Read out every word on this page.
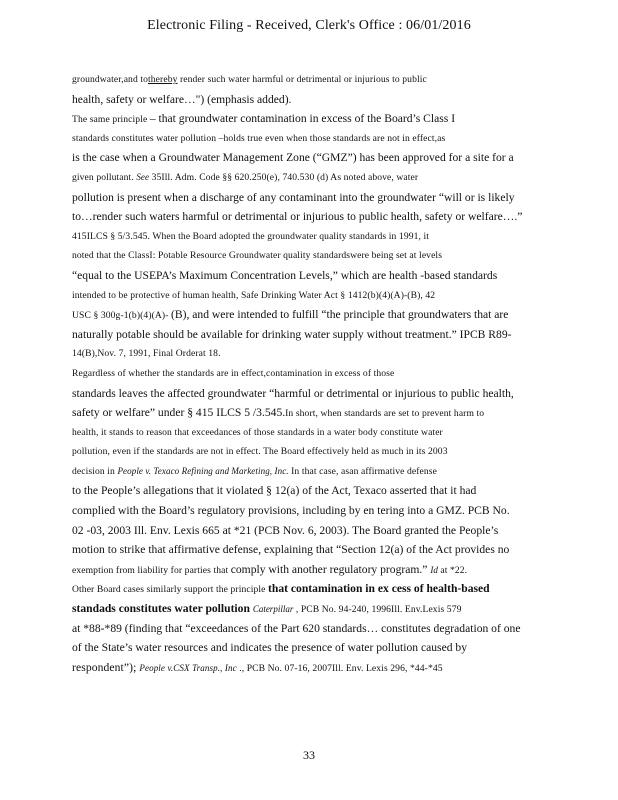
Electronic Filing - Received, Clerk's Office : 06/01/2016
groundwater,and tothereby render such water harmful or detrimental or injurious to public
health, safety or welfare…") (emphasis added).
The same principle – that groundwater contamination in excess of the Board’s Class I
standards constitutes water pollution –holds true even when those standards are not in effect,as
is the case when a Groundwater Management Zone (“GMZ”) has been approved for a site for a
given pollutant. See 35Ill. Adm. Code §§ 620.250(e), 740.530 (d) As noted above, water
pollution is present when a discharge of any contaminant into the groundwater “will or is likely
to…render such waters harmful or detrimental or injurious to public health, safety or welfare….”
415ILCS § 5/3.545. When the Board adopted the groundwater quality standards in 1991, it
noted that the ClassI: Potable Resource Groundwater quality standardswere being set at levels
“equal to the USEPA’s Maximum Concentration Levels,” which are health -based standards
intended to be protective of human health, Safe Drinking Water Act § 1412(b)(4)(A)-(B), 42
USC § 300g-1(b)(4)(A)- (B), and were intended to fulfill “the principle that groundwaters that are
naturally potable should be available for drinking water supply without treatment.” IPCB R89-
14(B),Nov. 7, 1991, Final Orderat 18.
Regardless of whether the standards are in effect,contamination in excess of those
standards leaves the affected groundwater “harmful or detrimental or injurious to public health,
safety or welfare” under § 415 ILCS 5 /3.545.In short, when standards are set to prevent harm to
health, it stands to reason that exceedances of those standards in a water body constitute water
pollution, even if the standards are not in effect. The Board effectively held as much in its 2003
decision in People v. Texaco Refining and Marketing, Inc. In that case, asan affirmative defense
to the People’s allegations that it violated § 12(a) of the Act, Texaco asserted that it had
complied with the Board’s regulatory provisions, including by en tering into a GMZ. PCB No.
02 -03, 2003 Ill. Env. Lexis 665 at *21 (PCB Nov. 6, 2003). The Board granted the People’s
motion to strike that affirmative defense, explaining that “Section 12(a) of the Act provides no
exemption from liability for parties that comply with another regulatory program.” Id at *22.
Other Board cases similarly support the principle that contamination in ex cess of health-based
standads constitutes water pollution Caterpillar , PCB No. 94-240, 1996Ill. Env.Lexis 579
at *88-*89 (finding that “exceedances of the Part 620 standards… constitutes degradation of one
of the State’s water resources and indicates the presence of water pollution caused by
respondent”); People v.CSX Transp., Inc ., PCB No. 07-16, 2007Ill. Env. Lexis 296, *44-*45
33
